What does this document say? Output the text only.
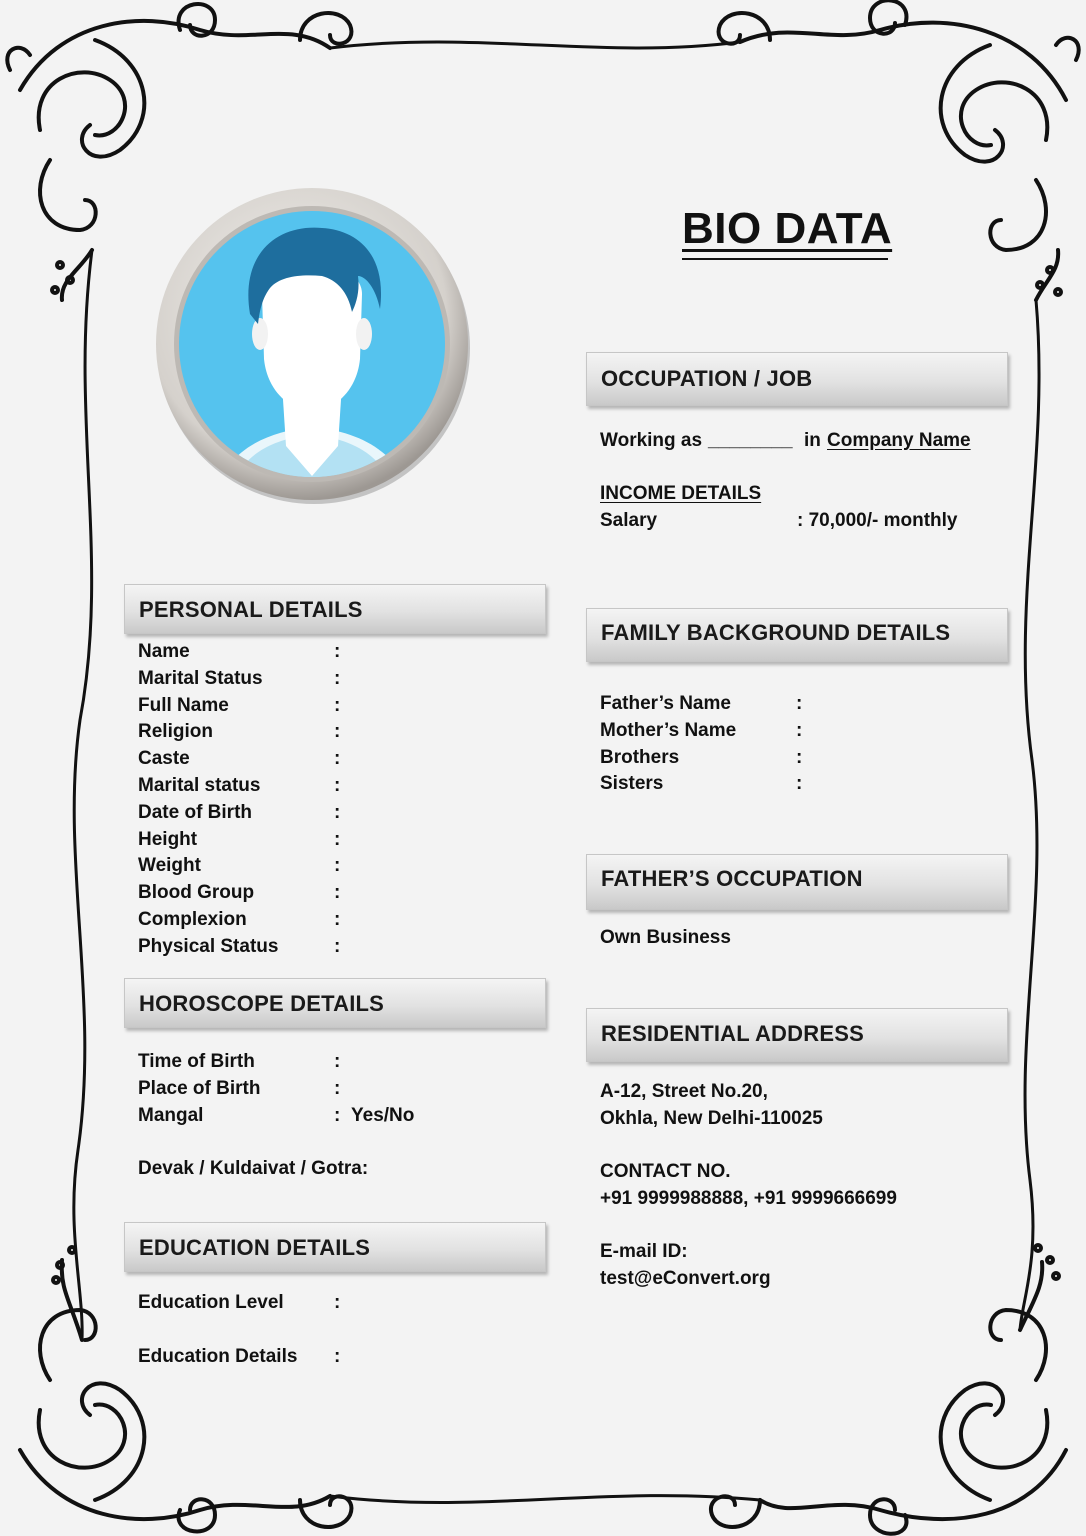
BIO DATA
OCCUPATION / JOB
Working as ________ in Company Name
INCOME DETAILS
Salary	: 70,000/- monthly
PERSONAL DETAILS
Name	:
Marital Status	:
Full Name	:
Religion	:
Caste	:
Marital status	:
Date of Birth	:
Height	:
Weight	:
Blood Group	:
Complexion	:
Physical Status	:
FAMILY BACKGROUND DETAILS
Father’s Name	:
Mother’s Name	:
Brothers	:
Sisters	:
FATHER’S OCCUPATION
Own Business
HOROSCOPE DETAILS
Time of Birth	:
Place of Birth	:
Mangal	: Yes/No
Devak / Kuldaivat / Gotra:
RESIDENTIAL ADDRESS
A-12, Street No.20,
Okhla, New Delhi-110025
CONTACT NO.
+91 9999988888, +91 9999666699
E-mail ID:
test@eConvert.org
EDUCATION DETAILS
Education Level	:
Education Details :
